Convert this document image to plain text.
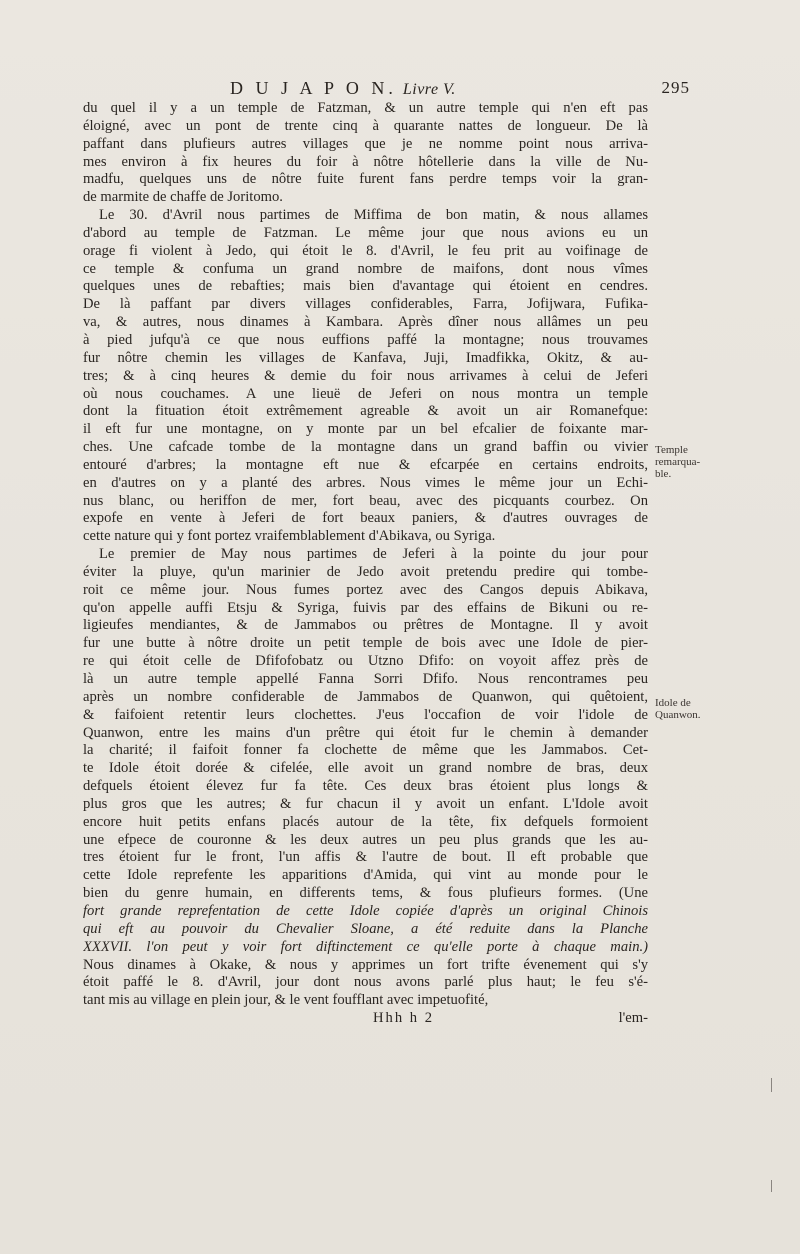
D U J A P O N. Livre V.	295
du quel il y a un temple de Fatzman, & un autre temple qui n'en eft pas
éloigné, avec un pont de trente cinq à quarante nattes de longueur. De là
paffant dans plufieurs autres villages que je ne nomme point nous arriva-
mes environ à fix heures du foir à nôtre hôtellerie dans la ville de Nu-
madfu, quelques uns de nôtre fuite furent fans perdre temps voir la gran-
de marmite de chaffe de Joritomo.
Le 30. d'Avril nous partimes de Miffima de bon matin, & nous allames
d'abord au temple de Fatzman. Le même jour que nous avions eu un
orage fi violent à Jedo, qui étoit le 8. d'Avril, le feu prit au voifinage de
ce temple & confuma un grand nombre de maifons, dont nous vîmes
quelques unes de rebafties; mais bien d'avantage qui étoient en cendres.
De là paffant par divers villages confiderables, Farra, Jofijwara, Fufika-
va, & autres, nous dinames à Kambara. Après dîner nous allâmes un peu
à pied jufqu'à ce que nous euffions paffé la montagne; nous trouvames
fur nôtre chemin les villages de Kanfava, Juji, Imadfikka, Okitz, & au-
tres; & à cinq heures & demie du foir nous arrivames à celui de Jeferi
où nous couchames. A une lieuë de Jeferi on nous montra un temple
dont la fituation étoit extrêmement agreable & avoit un air Romanefque:
il eft fur une montagne, on y monte par un bel efcalier de foixante mar-
ches. Une cafcade tombe de la montagne dans un grand baffin ou vivier
entouré d'arbres; la montagne eft nue & efcarpée en certains endroits,
en d'autres on y a planté des arbres. Nous vimes le même jour un Echi-
nus blanc, ou heriffon de mer, fort beau, avec des picquants courbez. On
expofe en vente à Jeferi de fort beaux paniers, & d'autres ouvrages de
cette nature qui y font portez vraifemblablement d'Abikava, ou Syriga.
Le premier de May nous partimes de Jeferi à la pointe du jour pour
éviter la pluye, qu'un marinier de Jedo avoit pretendu predire qui tombe-
roit ce même jour. Nous fumes portez avec des Cangos depuis Abikava,
qu'on appelle auffi Etsju & Syriga, fuivis par des effains de Bikuni ou re-
ligieufes mendiantes, & de Jammabos ou prêtres de Montagne. Il y avoit
fur une butte à nôtre droite un petit temple de bois avec une Idole de pier-
re qui étoit celle de Dfifofobatz ou Utzno Dfifo: on voyoit affez près de
là un autre temple appellé Fanna Sorri Dfifo. Nous rencontrames peu
après un nombre confiderable de Jammabos de Quanwon, qui quêtoient,
& faifoient retentir leurs clochettes. J'eus l'occafion de voir l'idole de
Quanwon, entre les mains d'un prêtre qui étoit fur le chemin à demander
la charité; il faifoit fonner fa clochette de même que les Jammabos. Cet-
te Idole étoit dorée & cifelée, elle avoit un grand nombre de bras, deux
defquels étoient élevez fur fa tête. Ces deux bras étoient plus longs &
plus gros que les autres; & fur chacun il y avoit un enfant. L'Idole avoit
encore huit petits enfans placés autour de la tête, fix defquels formoient
une efpece de couronne & les deux autres un peu plus grands que les au-
tres étoient fur le front, l'un affis & l'autre de bout. Il eft probable que
cette Idole reprefente les apparitions d'Amida, qui vint au monde pour le
bien du genre humain, en differents tems, & fous plufieurs formes. (Une
fort grande reprefentation de cette Idole copiée d'après un original Chinois
qui eft au pouvoir du Chevalier Sloane, a été reduite dans la Planche
XXXVII. l'on peut y voir fort diftinctement ce qu'elle porte à chaque main.)
Nous dinames à Okake, & nous y apprimes un fort trifte évenement qui s'y
étoit paffé le 8. d'Avril, jour dont nous avons parlé plus haut; le feu s'é-
tant mis au village en plein jour, & le vent foufflant avec impetuofité,
Hhh h 2	l'em-
Temple
remarqua-
ble.
Idole de
Quanwon.
